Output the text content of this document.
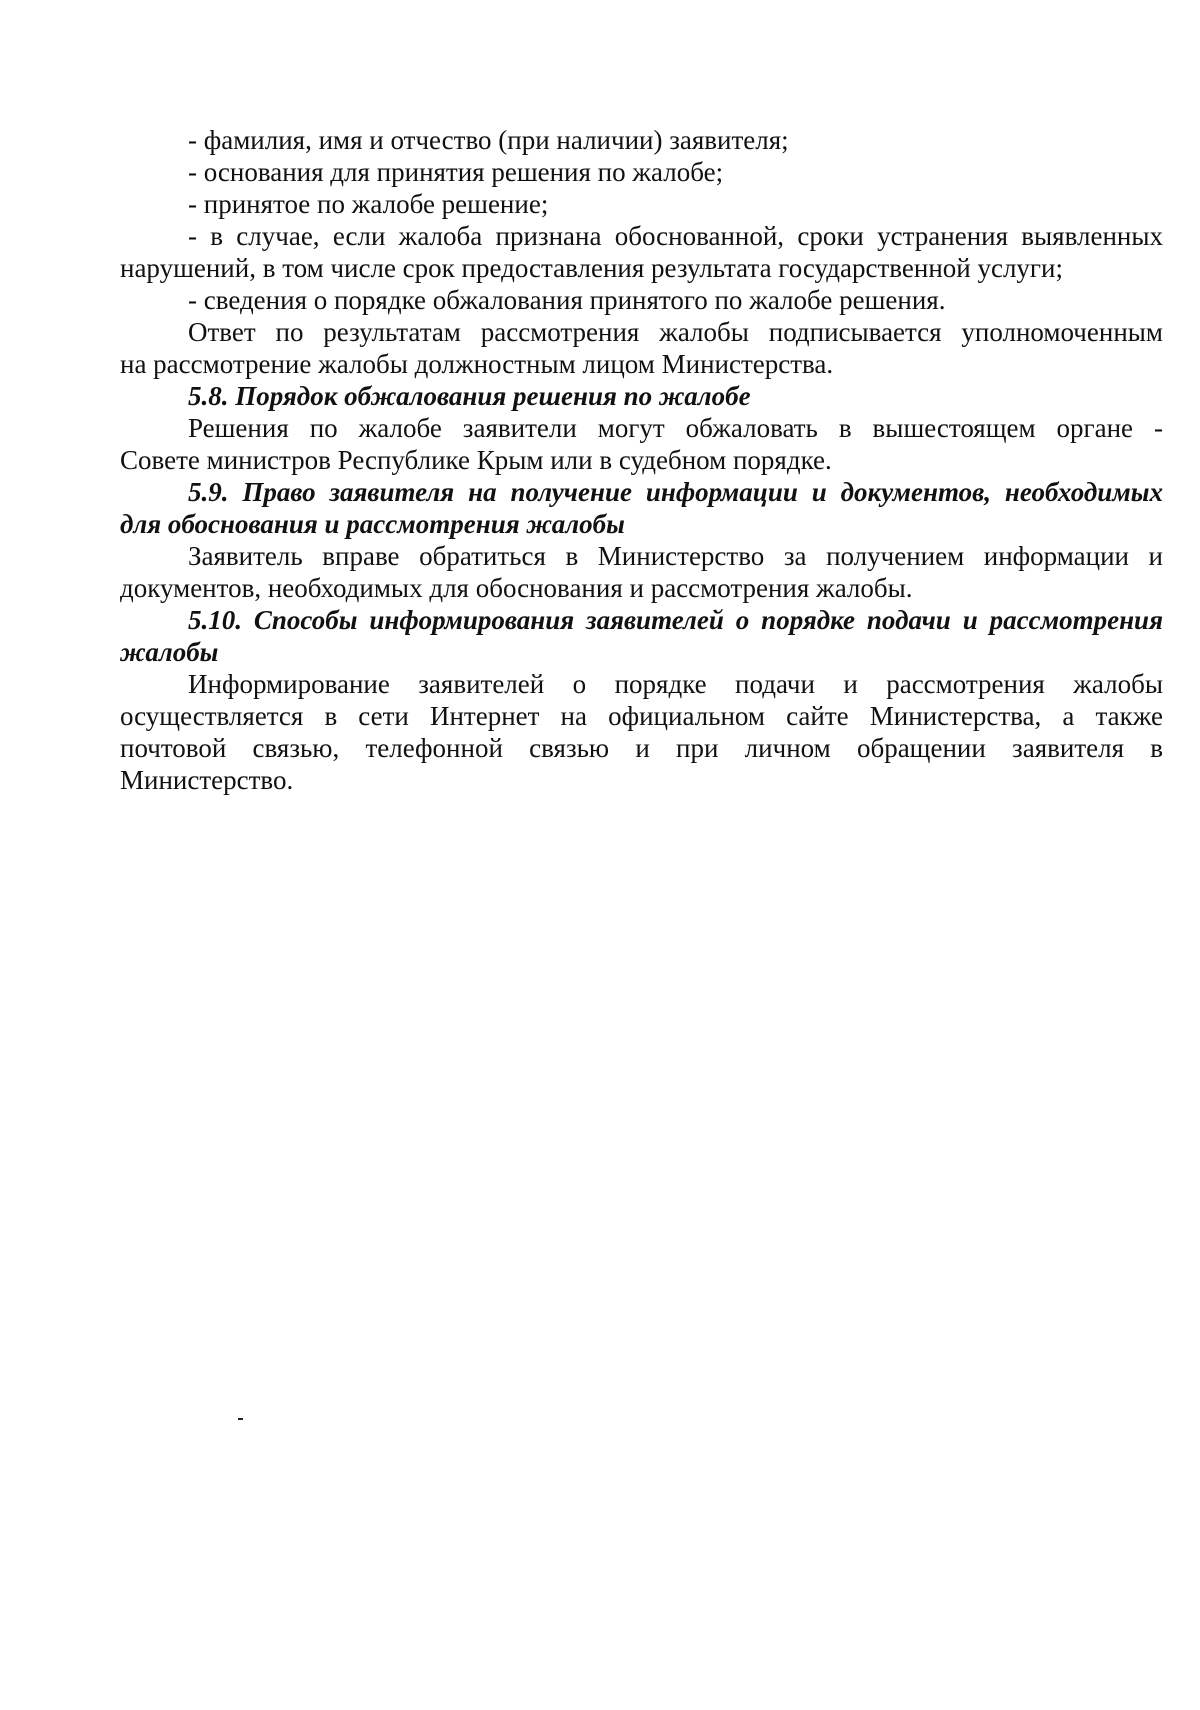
- фамилия, имя и отчество (при наличии) заявителя;
- основания для принятия решения по жалобе;
- принятое по жалобе решение;
- в случае, если жалоба признана обоснованной, сроки устранения выявленных
нарушений, в том числе срок предоставления результата государственной услуги;
- сведения о порядке обжалования принятого по жалобе решения.
Ответ по результатам рассмотрения жалобы подписывается уполномоченным
на рассмотрение жалобы должностным лицом Министерства.
5.8. Порядок обжалования решения по жалобе
Решения по жалобе заявители могут обжаловать в вышестоящем органе -
Совете министров Республике Крым или в судебном порядке.
5.9. Право заявителя на получение информации и документов, необходимых
для обоснования и рассмотрения жалобы
Заявитель вправе обратиться в Министерство за получением информации и
документов, необходимых для обоснования и рассмотрения жалобы.
5.10. Способы информирования заявителей о порядке подачи и рассмотрения
жалобы
Информирование заявителей о порядке подачи и рассмотрения жалобы
осуществляется в сети Интернет на официальном сайте Министерства, а также
почтовой связью, телефонной связью и при личном обращении заявителя в
Министерство.
